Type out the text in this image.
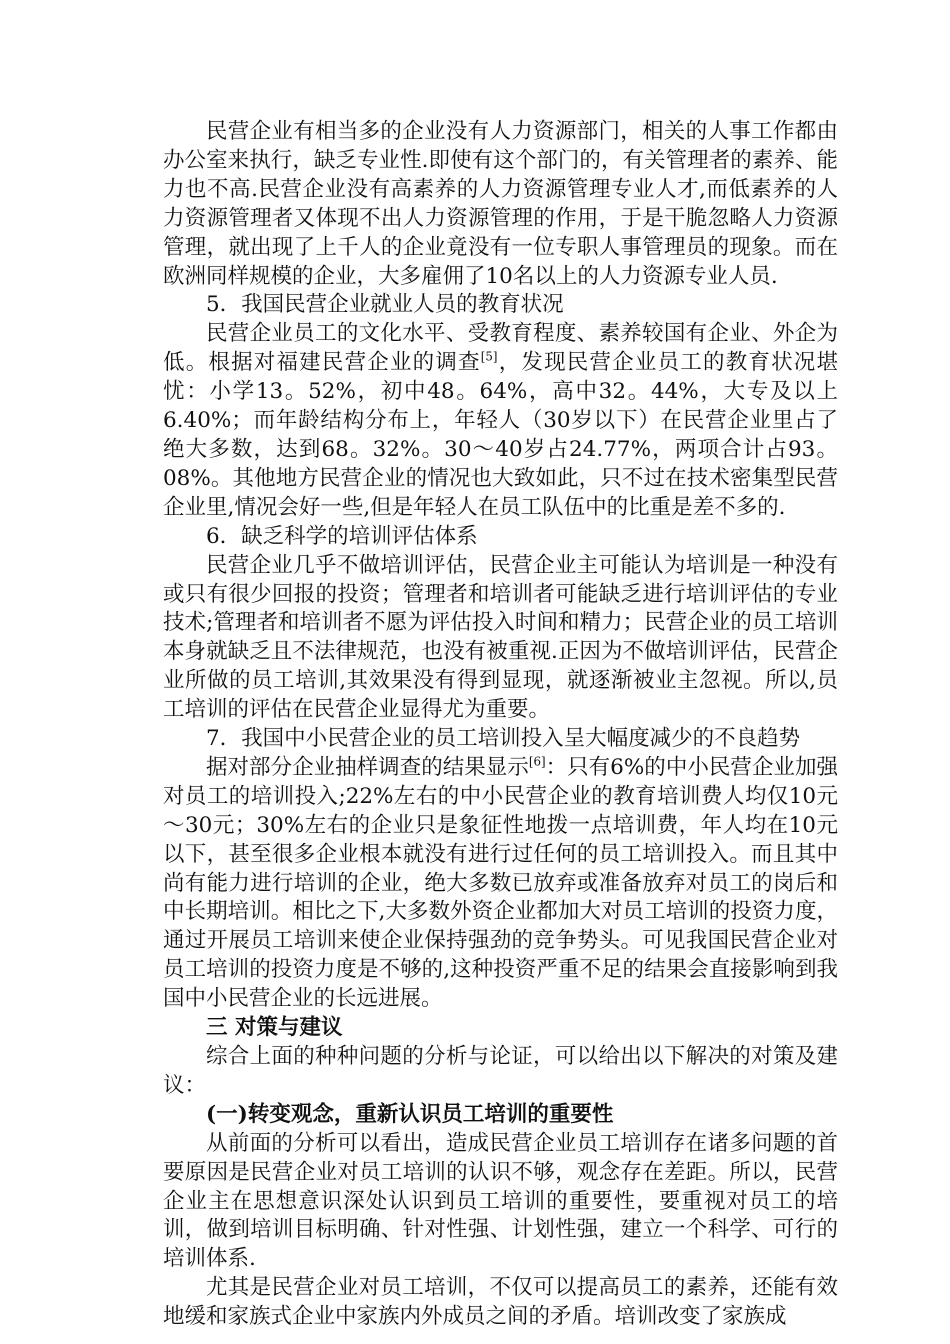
民营企业有相当多的企业没有人力资源部门，相关的人事工作都由办公室来执行，缺乏专业性.即使有这个部门的，有关管理者的素养、能力也不高.民营企业没有高素养的人力资源管理专业人才,而低素养的人力资源管理者又体现不出人力资源管理的作用，于是干脆忽略人力资源管理，就出现了上千人的企业竟没有一位专职人事管理员的现象。而在欧洲同样规模的企业，大多雇佣了10名以上的人力资源专业人员.

5．我国民营企业就业人员的教育状况

民营企业员工的文化水平、受教育程度、素养较国有企业、外企为低。根据对福建民营企业的调查[5]，发现民营企业员工的教育状况堪忧：小学13。52%，初中48。64%，高中32。44%，大专及以上6.40%；而年龄结构分布上，年轻人（30岁以下）在民营企业里占了绝大多数，达到68。32%。30～40岁占24.77%，两项合计占93。08%。其他地方民营企业的情况也大致如此，只不过在技术密集型民营企业里,情况会好一些,但是年轻人在员工队伍中的比重是差不多的.

6．缺乏科学的培训评估体系

民营企业几乎不做培训评估，民营企业主可能认为培训是一种没有或只有很少回报的投资；管理者和培训者可能缺乏进行培训评估的专业技术;管理者和培训者不愿为评估投入时间和精力；民营企业的员工培训本身就缺乏且不法律规范，也没有被重视.正因为不做培训评估，民营企业所做的员工培训,其效果没有得到显现，就逐渐被业主忽视。所以,员工培训的评估在民营企业显得尤为重要。

7．我国中小民营企业的员工培训投入呈大幅度减少的不良趋势

据对部分企业抽样调查的结果显示[6]：只有6%的中小民营企业加强对员工的培训投入;22%左右的中小民营企业的教育培训费人均仅10元～30元；30%左右的企业只是象征性地拨一点培训费，年人均在10元以下，甚至很多企业根本就没有进行过任何的员工培训投入。而且其中尚有能力进行培训的企业，绝大多数已放弃或准备放弃对员工的岗后和中长期培训。相比之下,大多数外资企业都加大对员工培训的投资力度，通过开展员工培训来使企业保持强劲的竞争势头。可见我国民营企业对员工培训的投资力度是不够的,这种投资严重不足的结果会直接影响到我国中小民营企业的长远进展。

三 对策与建议

综合上面的种种问题的分析与论证，可以给出以下解决的对策及建议：

(一)转变观念，重新认识员工培训的重要性

从前面的分析可以看出，造成民营企业员工培训存在诸多问题的首要原因是民营企业对员工培训的认识不够，观念存在差距。所以，民营企业主在思想意识深处认识到员工培训的重要性，要重视对员工的培训，做到培训目标明确、针对性强、计划性强，建立一个科学、可行的培训体系.

尤其是民营企业对员工培训，不仅可以提高员工的素养，还能有效地缓和家族式企业中家族内外成员之间的矛盾。培训改变了家族成
